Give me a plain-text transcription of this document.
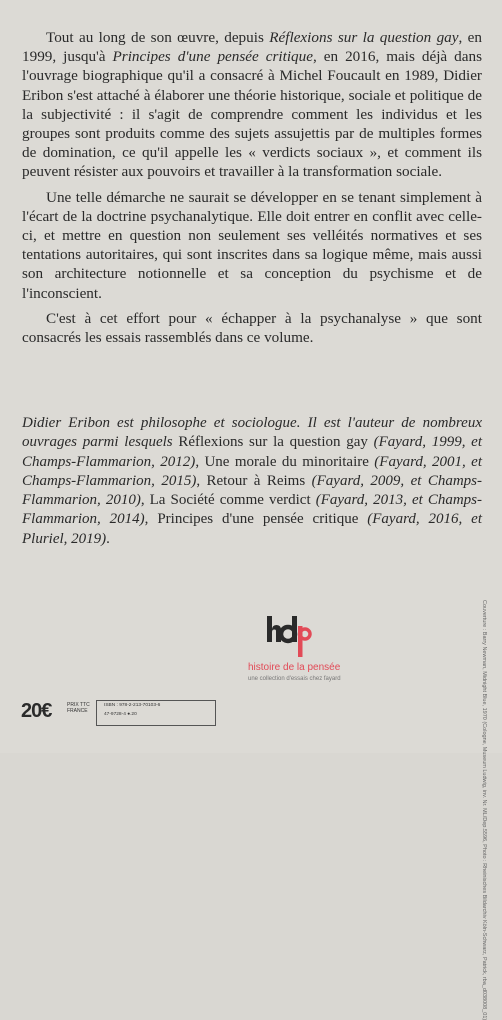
Tout au long de son œuvre, depuis Réflexions sur la question gay, en 1999, jusqu'à Principes d'une pensée critique, en 2016, mais déjà dans l'ouvrage biographique qu'il a consacré à Michel Foucault en 1989, Didier Eribon s'est attaché à élaborer une théorie historique, sociale et politique de la subjectivité : il s'agit de comprendre comment les individus et les groupes sont produits comme des sujets assujettis par de multiples formes de domination, ce qu'il appelle les « verdicts sociaux », et comment ils peuvent résister aux pouvoirs et travailler à la transformation sociale.

Une telle démarche ne saurait se développer en se tenant simplement à l'écart de la doctrine psychanalytique. Elle doit entrer en conflit avec celle-ci, et mettre en question non seulement ses velléités normatives et ses tentations autoritaires, qui sont inscrites dans sa logique même, mais aussi son architecture notionnelle et sa conception du psychisme et de l'inconscient.

C'est à cet effort pour « échapper à la psychanalyse » que sont consacrés les essais rassemblés dans ce volume.

Didier Eribon est philosophe et sociologue. Il est l'auteur de nombreux ouvrages parmi lesquels Réflexions sur la question gay (Fayard, 1999, et Champs-Flammarion, 2012), Une morale du minoritaire (Fayard, 2001, et Champs-Flammarion, 2015), Retour à Reims (Fayard, 2009, et Champs-Flammarion, 2010), La Société comme verdict (Fayard, 2013, et Champs-Flammarion, 2014), Principes d'une pensée critique (Fayard, 2016, et Pluriel, 2019).

histoire de la pensée
une collection d'essais chez fayard
20€	PRIX TTC
FRANCE
ISBN : 978-2-213-70103-6
47-9728-4 ●.20	Couverture : Barry Newman, Midnight Blue, 1970 (Cologne, Museum Ludwig, inv. Nr. ML/Dep.5596, Photo : Rheinisches Bildarchiv Köln-Schwarz, Patrick, rba_d038008_01)
